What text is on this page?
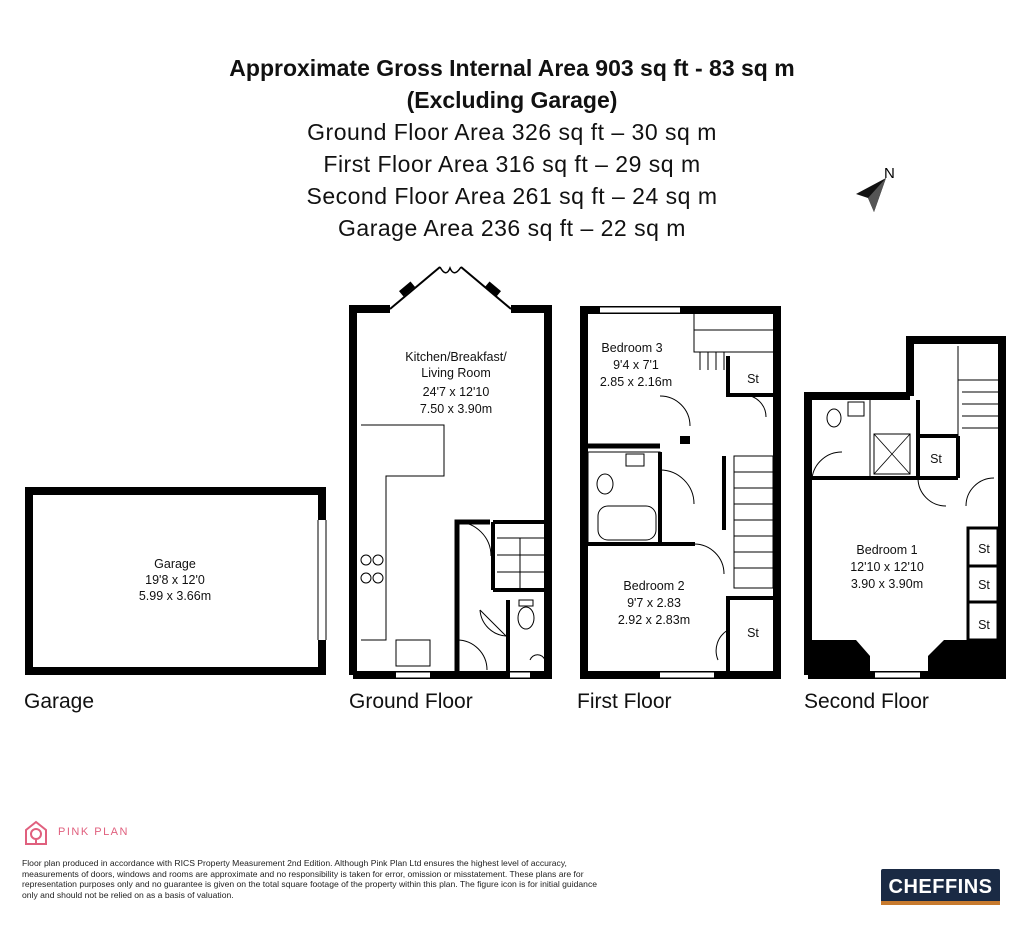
Approximate Gross Internal Area 903 sq ft - 83 sq m
(Excluding Garage)
Ground Floor Area 326 sq ft – 30 sq m
First Floor Area 316 sq ft – 29 sq m
Second Floor Area 261 sq ft – 24 sq m
Garage Area 236 sq ft – 22 sq m
N
Garage
19'8 x 12'0
5.99 x 3.66m
Kitchen/Breakfast/
Living Room
24'7 x 12'10
7.50 x 3.90m
Bedroom 3
9'4 x 7'1
2.85 x 2.16m	St
Bedroom 2
9'7 x 2.83
2.92 x 2.83m
St
Bedroom 1
12'10 x 12'10
3.90 x 3.90m
St
St
St
St
Garage	Ground Floor	First Floor	Second Floor
PINK PLAN
Floor plan produced in accordance with RICS Property Measurement 2nd Edition. Although Pink Plan Ltd ensures the highest level of accuracy, measurements of doors, windows and rooms are approximate and no responsibility is taken for error, omission or misstatement. These plans are for representation purposes only and no guarantee is given on the total square footage of the property within this plan. The figure icon is for initial guidance only and should not be relied on as a basis of valuation.	CHEFFINS
